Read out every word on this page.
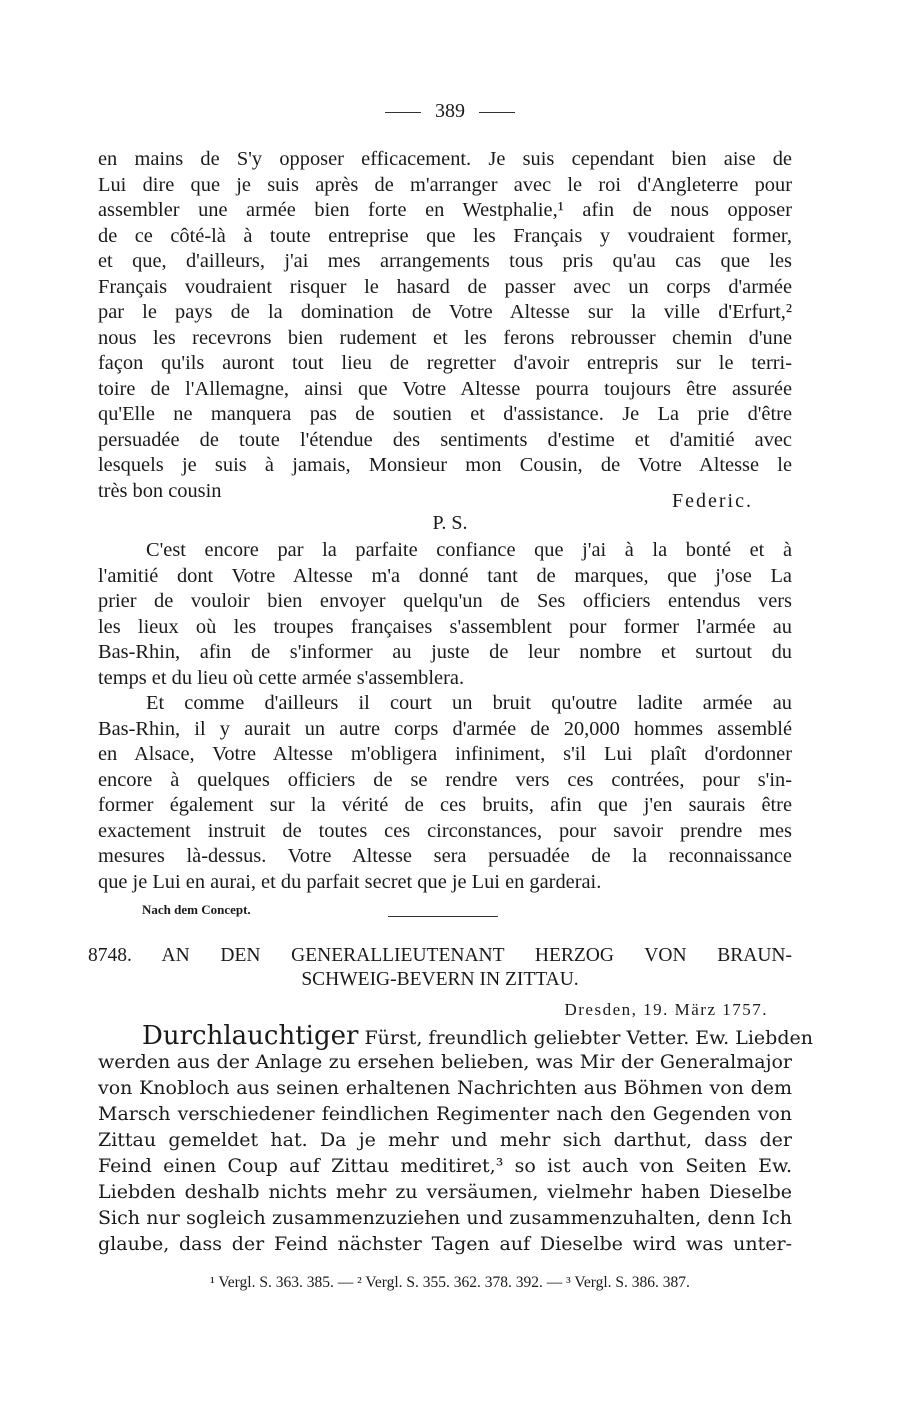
389
en mains de S'y opposer efficacement. Je suis cependant bien aise de
Lui dire que je suis après de m'arranger avec le roi d'Angleterre pour
assembler une armée bien forte en Westphalie,¹ afin de nous opposer
de ce côté-là à toute entreprise que les Français y voudraient former,
et que, d'ailleurs, j'ai mes arrangements tous pris qu'au cas que les
Français voudraient risquer le hasard de passer avec un corps d'armée
par le pays de la domination de Votre Altesse sur la ville d'Erfurt,²
nous les recevrons bien rudement et les ferons rebrousser chemin d'une
façon qu'ils auront tout lieu de regretter d'avoir entrepris sur le terri-
toire de l'Allemagne, ainsi que Votre Altesse pourra toujours être assurée
qu'Elle ne manquera pas de soutien et d'assistance. Je La prie d'être
persuadée de toute l'étendue des sentiments d'estime et d'amitié avec
lesquels je suis à jamais, Monsieur mon Cousin, de Votre Altesse le
très bon cousin	Federic.
P. S.
C'est encore par la parfaite confiance que j'ai à la bonté et à
l'amitié dont Votre Altesse m'a donné tant de marques, que j'ose La
prier de vouloir bien envoyer quelqu'un de Ses officiers entendus vers
les lieux où les troupes françaises s'assemblent pour former l'armée au
Bas-Rhin, afin de s'informer au juste de leur nombre et surtout du
temps et du lieu où cette armée s'assemblera.
Et comme d'ailleurs il court un bruit qu'outre ladite armée au
Bas-Rhin, il y aurait un autre corps d'armée de 20,000 hommes assemblé
en Alsace, Votre Altesse m'obligera infiniment, s'il Lui plaît d'ordonner
encore à quelques officiers de se rendre vers ces contrées, pour s'in-
former également sur la vérité de ces bruits, afin que j'en saurais être
exactement instruit de toutes ces circonstances, pour savoir prendre mes
mesures là-dessus. Votre Altesse sera persuadée de la reconnaissance
que je Lui en aurai, et du parfait secret que je Lui en garderai.
Nach dem Concept.
8748. AN DEN GENERALLIEUTENANT HERZOG VON BRAUN-
SCHWEIG-BEVERN IN ZITTAU.
Dresden, 19. März 1757.
Durchlauchtiger Fürst, freundlich geliebter Vetter. Ew. Liebden
werden aus der Anlage zu ersehen belieben, was Mir der Generalmajor
von Knobloch aus seinen erhaltenen Nachrichten aus Böhmen von dem
Marsch verschiedener feindlichen Regimenter nach den Gegenden von
Zittau gemeldet hat. Da je mehr und mehr sich darthut, dass der
Feind einen Coup auf Zittau meditiret,³ so ist auch von Seiten Ew.
Liebden deshalb nichts mehr zu versäumen, vielmehr haben Dieselbe
Sich nur sogleich zusammenzuziehen und zusammenzuhalten, denn Ich
glaube, dass der Feind nächster Tagen auf Dieselbe wird was unter-
¹ Vergl. S. 363. 385. — ² Vergl. S. 355. 362. 378. 392. — ³ Vergl. S. 386. 387.
